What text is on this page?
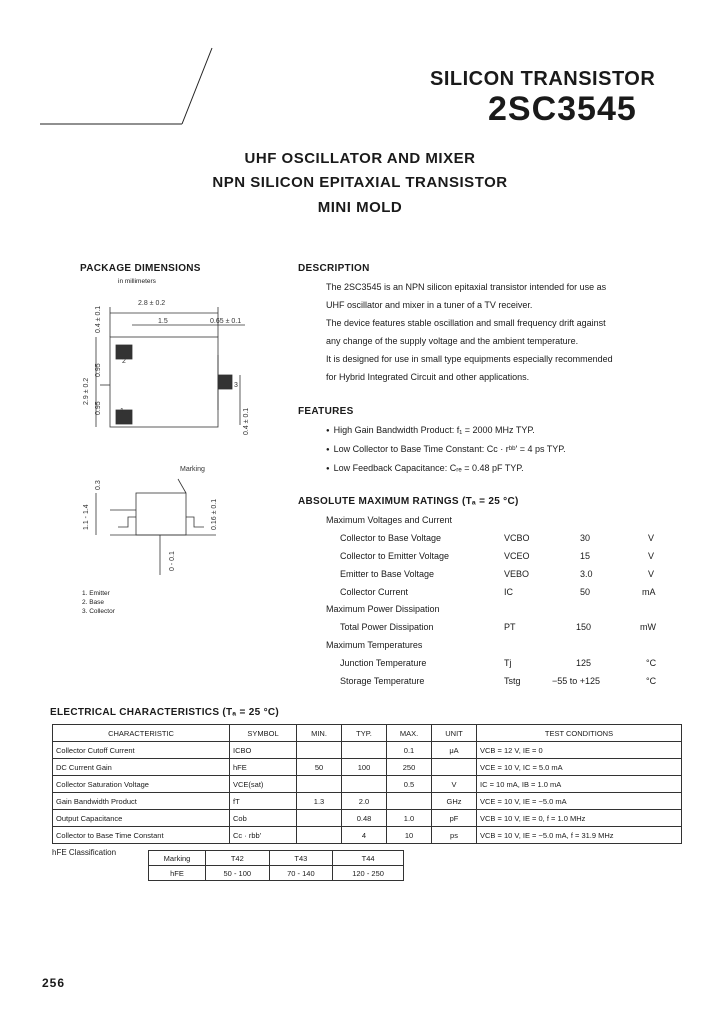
SILICON TRANSISTOR
2SC3545
UHF OSCILLATOR AND MIXER
NPN SILICON EPITAXIAL TRANSISTOR
MINI MOLD
PACKAGE DIMENSIONS
in millimeters
2.8 ± 0.2
1.5	0.65 ± 0.1
2.9 ± 0.2
0.95
0.95
0.4 ± 0.1
0.4 ± 0.1
2
1
3
1.1 - 1.4
0.3
0.16 ± 0.1
0 - 0.1
Marking
1. Emitter
2. Base
3. Collector
DESCRIPTION
The 2SC3545 is an NPN silicon epitaxial transistor intended for use as
UHF oscillator and mixer in a tuner of a TV receiver.
The device features stable oscillation and small frequency drift against
any change of the supply voltage and the ambient temperature.
It is designed for use in small type equipments especially recommended
for Hybrid Integrated Circuit and other applications.
FEATURES
● High Gain Bandwidth Product: f₁ = 2000 MHz TYP.
● Low Collector to Base Time Constant: Cᴄ · rᵇᵇ' = 4 ps TYP.
● Low Feedback Capacitance: Cᵣₑ = 0.48 pF TYP.
ABSOLUTE MAXIMUM RATINGS (Tₐ = 25 °C)
Maximum Voltages and Current
Collector to Base Voltage	VCBO	30	V
Collector to Emitter Voltage	VCEO	15	V
Emitter to Base Voltage	VEBO	3.0	V
Collector Current	IC	50	mA
Maximum Power Dissipation
Total Power Dissipation	PT	150	mW
Maximum Temperatures
Junction Temperature	Tj	125	°C
Storage Temperature	Tstg	−55 to +125	°C
ELECTRICAL CHARACTERISTICS (Tₐ = 25 °C)
CHARACTERISTIC	SYMBOL	MIN.	TYP.	MAX.	UNIT	TEST CONDITIONS
Collector Cutoff Current	ICBO			0.1	μA	VCB = 12 V, IE = 0
DC Current Gain	hFE	50	100	250		VCE = 10 V, IC = 5.0 mA
Collector Saturation Voltage	VCE(sat)			0.5	V	IC = 10 mA, IB = 1.0 mA
Gain Bandwidth Product	fT	1.3	2.0		GHz	VCE = 10 V, IE = −5.0 mA
Output Capacitance	Cob		0.48	1.0	pF	VCB = 10 V, IE = 0, f = 1.0 MHz
Collector to Base Time Constant	Cc · rbb'		4	10	ps	VCB = 10 V, IE = −5.0 mA, f = 31.9 MHz
hFE Classification
Marking	T42	T43	T44
hFE	50 - 100	70 - 140	120 - 250
256
